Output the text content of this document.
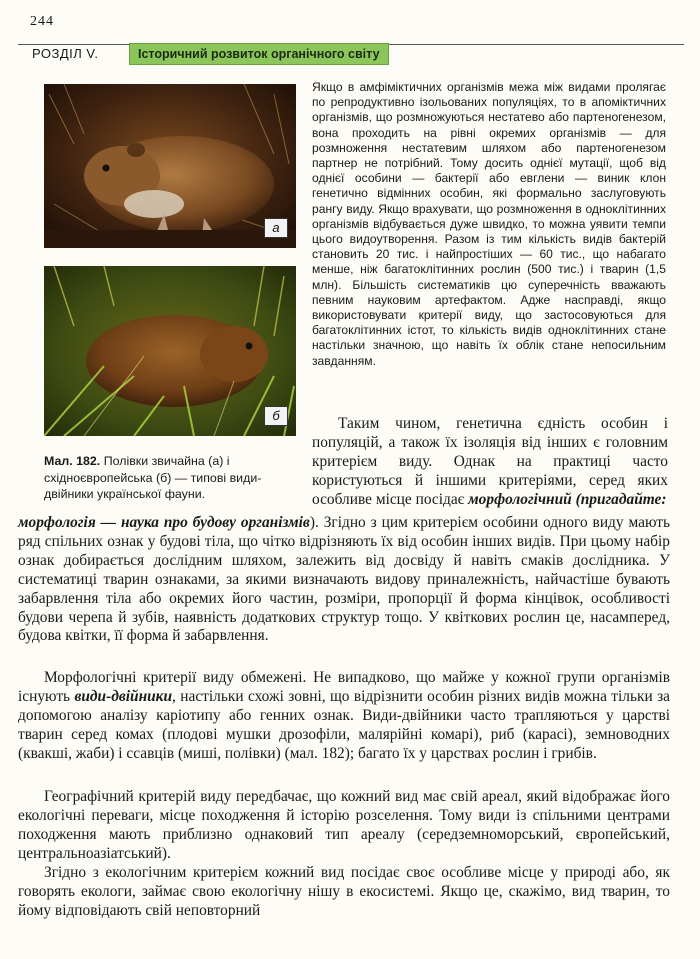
244
РОЗДІЛ V.	Історичний розвиток органічного світу
а
б
Мал. 182. Полівки звичайна (а) і східноєвропейська (б) — типові види-двійники української фауни.
Якщо в амфіміктичних організмів межа між видами пролягає по репродуктивно ізольованих популяціях, то в апоміктичних організмів, що розмножуються нестатево або партеногенезом, вона проходить на рівні окремих організмів — для розмноження нестатевим шляхом або партеногенезом партнер не потрібний. Тому досить однієї мутації, щоб від однієї особини — бактерії або евглени — виник клон генетично відмінних особин, які формально заслуговують рангу виду. Якщо врахувати, що розмноження в одноклітинних організмів відбувається дуже швидко, то можна уявити темпи цього видоутворення. Разом із тим кількість видів бактерій становить 20 тис. і найпростіших — 60 тис., що набагато менше, ніж багатоклітинних рослин (500 тис.) і тварин (1,5 млн). Більшість систематиків цю суперечність вважають певним науковим артефактом. Адже насправді, якщо використовувати критерії виду, що застосовуються для багатоклітинних істот, то кількість видів одноклітинних стане настільки значною, що навіть їх облік стане непосильним завданням.
Таким чином, генетична єдність особин і популяцій, а також їх ізоляція від інших є головним критерієм виду. Однак на практиці часто користуються й іншими критеріями, серед яких особливе місце посідає морфологічний (пригадайте:
морфологія — наука про будову організмів). Згідно з цим критерієм особини одного виду мають ряд спільних ознак у будові тіла, що чітко відрізняють їх від особин інших видів. При цьому набір ознак добирається дослідним шляхом, залежить від досвіду й навіть смаків дослідника. У систематиці тварин ознаками, за якими визначають видову приналежність, найчастіше бувають забарвлення тіла або окремих його частин, розміри, пропорції й форма кінцівок, особливості будови черепа й зубів, наявність додаткових структур тощо. У квіткових рослин це, насамперед, будова квітки, її форма й забарвлення.
Морфологічні критерії виду обмежені. Не випадково, що майже у кожної групи організмів існують види-двійники, настільки схожі зовні, що відрізнити особин різних видів можна тільки за допомогою аналізу каріотипу або генних ознак. Види-двійники часто трапляються у царстві тварин серед комах (плодові мушки дрозофіли, малярійні комарі), риб (карасі), земноводних (квакші, жаби) і ссавців (миші, полівки) (мал. 182); багато їх у царствах рослин і грибів.
Географічний критерій виду передбачає, що кожний вид має свій ареал, який відображає його екологічні переваги, місце походження й історію розселення. Тому види із спільними центрами походження мають приблизно однаковий тип ареалу (середземноморський, європейський, центральноазіатський).
Згідно з екологічним критерієм кожний вид посідає своє особливе місце у природі або, як говорять екологи, займає свою екологічну нішу в екосистемі. Якщо це, скажімо, вид тварин, то йому відповідають свій неповторний
